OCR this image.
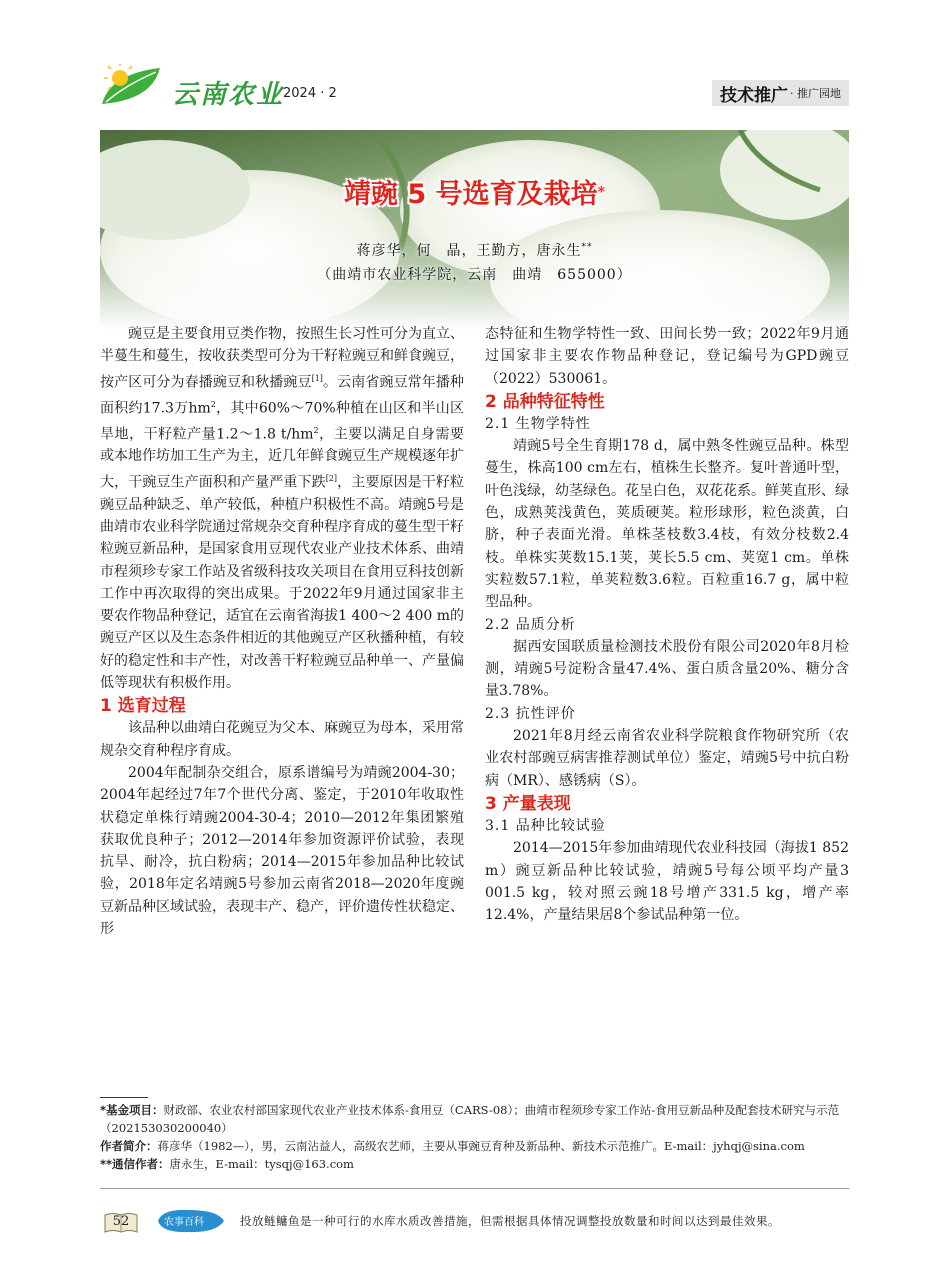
云南农业
2024 · 2	技术推广 · 推广园地
靖豌 5 号选育及栽培*
蒋彦华，何　晶，王勤方，唐永生**
（曲靖市农业科学院，云南　曲靖　655000）

豌豆是主要食用豆类作物，按照生长习性可分为直立、半蔓生和蔓生，按收获类型可分为干籽粒豌豆和鲜食豌豆，按产区可分为春播豌豆和秋播豌豆[1]。云南省豌豆常年播种面积约17.3万hm$^2$，其中60%～70%种植在山区和半山区旱地，干籽粒产量1.2～1.8 t/hm$^2$，主要以满足自身需要或本地作坊加工生产为主，近几年鲜食豌豆生产规模逐年扩大，干豌豆生产面积和产量严重下跌[2]，主要原因是干籽粒豌豆品种缺乏、单产较低，种植户积极性不高。靖豌5号是曲靖市农业科学院通过常规杂交育种程序育成的蔓生型干籽粒豌豆新品种，是国家食用豆现代农业产业技术体系、曲靖市程须珍专家工作站及省级科技攻关项目在食用豆科技创新工作中再次取得的突出成果。于2022年9月通过国家非主要农作物品种登记，适宜在云南省海拔1 400～2 400 m的豌豆产区以及生态条件相近的其他豌豆产区秋播种植，有较好的稳定性和丰产性，对改善干籽粒豌豆品种单一、产量偏低等现状有积极作用。

1 选育过程

该品种以曲靖白花豌豆为父本、麻豌豆为母本，采用常规杂交育种程序育成。

2004年配制杂交组合，原系谱编号为靖豌2004-30；2004年起经过7年7个世代分离、鉴定，于2010年收取性状稳定单株行靖豌2004-30-4；2010—2012年集团繁殖获取优良种子；2012—2014年参加资源评价试验，表现抗旱、耐冷，抗白粉病；2014—2015年参加品种比较试验，2018年定名靖豌5号参加云南省2018—2020年度豌豆新品种区域试验，表现丰产、稳产，评价遗传性状稳定、形

态特征和生物学特性一致、田间长势一致；2022年9月通过国家非主要农作物品种登记，登记编号为GPD豌豆（2022）530061。

2 品种特征特性
2.1 生物学特性

靖豌5号全生育期178 d，属中熟冬性豌豆品种。株型蔓生，株高100 cm左右，植株生长整齐。复叶普通叶型，叶色浅绿，幼茎绿色。花呈白色，双花花系。鲜荚直形、绿色，成熟荚浅黄色，荚质硬荚。粒形球形，粒色淡黄，白脐，种子表面光滑。单株茎枝数3.4枝，有效分枝数2.4枝。单株实荚数15.1荚，荚长5.5 cm、荚宽1 cm。单株实粒数57.1粒，单荚粒数3.6粒。百粒重16.7 g，属中粒型品种。

2.2 品质分析

据西安国联质量检测技术股份有限公司2020年8月检测，靖豌5号淀粉含量47.4%、蛋白质含量20%、糖分含量3.78%。

2.3 抗性评价

2021年8月经云南省农业科学院粮食作物研究所（农业农村部豌豆病害推荐测试单位）鉴定，靖豌5号中抗白粉病（MR）、感锈病（S）。

3 产量表现
3.1 品种比较试验

2014—2015年参加曲靖现代农业科技园（海拔1 852 m）豌豆新品种比较试验，靖豌5号每公顷平均产量3 001.5 kg，较对照云豌18号增产331.5 kg，增产率12.4%，产量结果居8个参试品种第一位。

*基金项目：财政部、农业农村部国家现代农业产业技术体系-食用豆（CARS-08）；曲靖市程须珍专家工作站-食用豆新品种及配套技术研究与示范（202153030200040）

作者简介：蒋彦华（1982—），男，云南沾益人，高级农艺师，主要从事豌豆育种及新品种、新技术示范推广。E-mail：jyhqj@sina.com

**通信作者：唐永生，E-mail：tysqj@163.com

52	农事百科	投放鲢鳙鱼是一种可行的水库水质改善措施，但需根据具体情况调整投放数量和时间以达到最佳效果。
